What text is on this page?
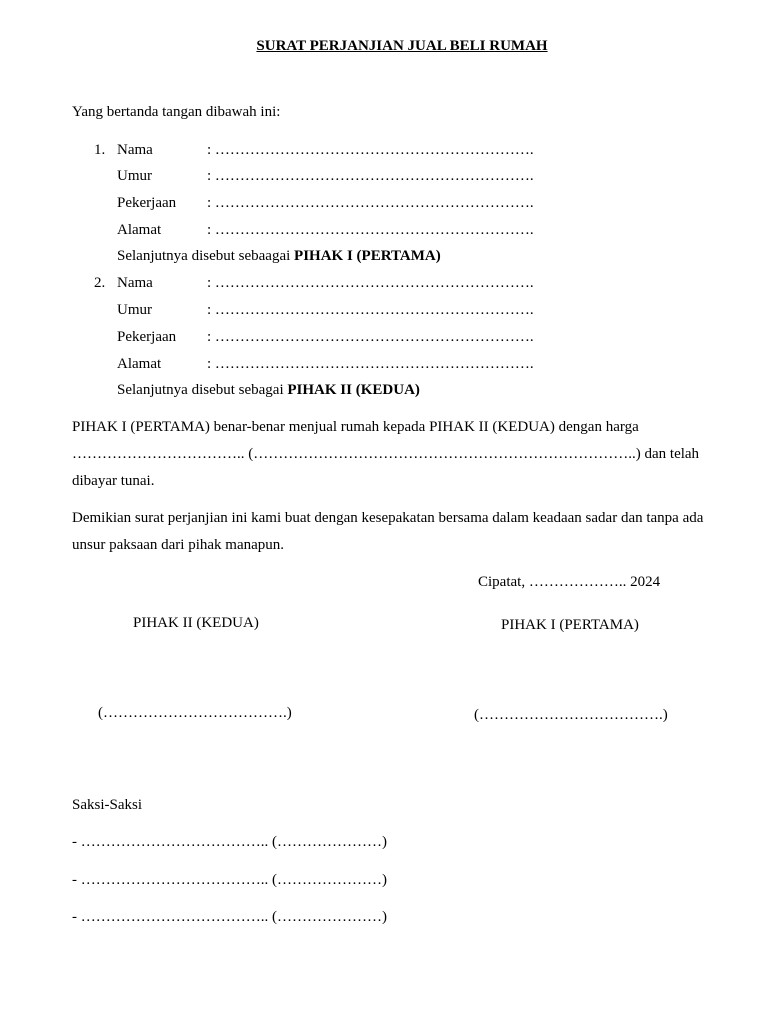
SURAT PERJANJIAN JUAL BELI RUMAH
Yang bertanda tangan dibawah ini:
1. Nama	: ……………………………………………………….
Umur	: ……………………………………………………….
Pekerjaan : ……………………………………………………….
Alamat	: ……………………………………………………….
Selanjutnya disebut sebaagai PIHAK I (PERTAMA)
2. Nama	: ……………………………………………………….
Umur	: ……………………………………………………….
Pekerjaan : ……………………………………………………….
Alamat	: ……………………………………………………….
Selanjutnya disebut sebagai PIHAK II (KEDUA)
PIHAK I (PERTAMA) benar-benar menjual rumah kepada PIHAK II (KEDUA) dengan harga
…………………………….. (…………………………………………………………………..) dan telah
dibayar tunai.
Demikian surat perjanjian ini kami buat dengan kesepakatan bersama dalam keadaan sadar dan tanpa ada
unsur paksaan dari pihak manapun.
Cipatat, ……………….. 2024
PIHAK II (KEDUA)	PIHAK I (PERTAMA)
(……………………………….)	(……………………………….)
Saksi-Saksi
- ……………………………….. (…………………)
- ……………………………….. (…………………)
- ……………………………….. (…………………)
